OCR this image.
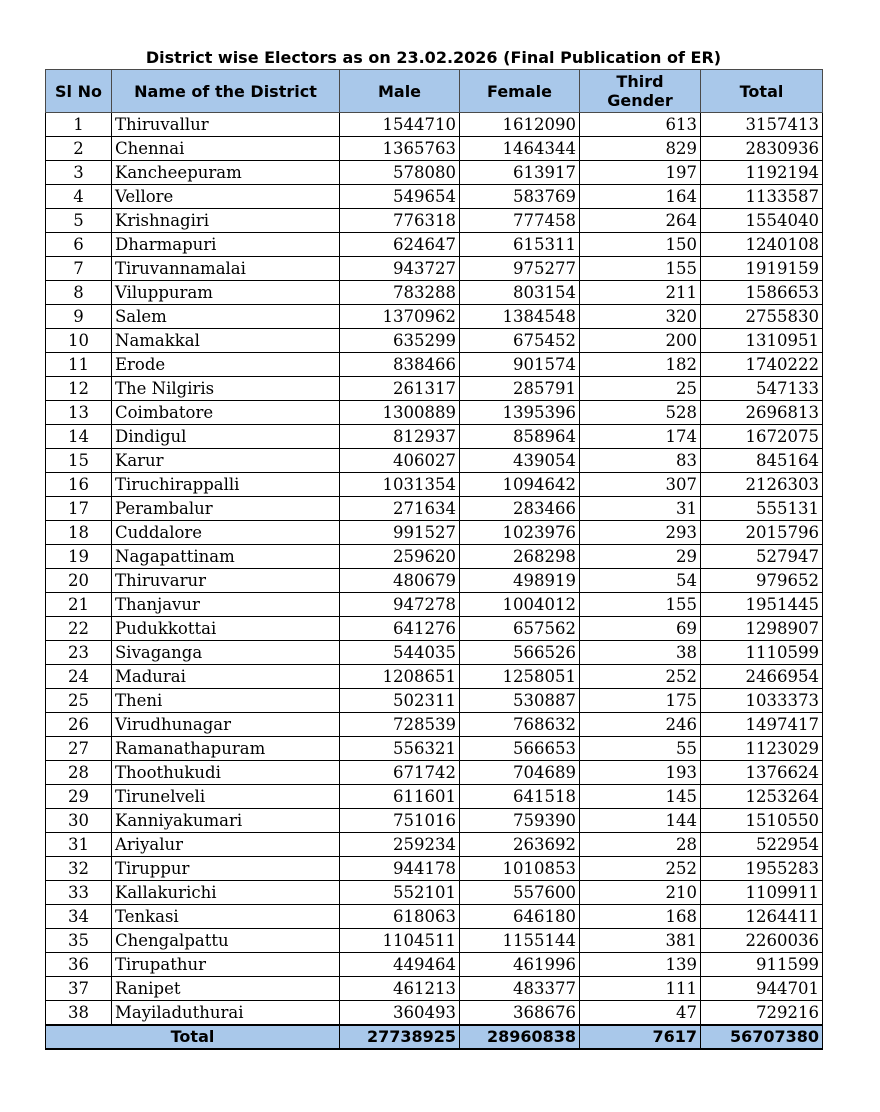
District wise Electors as on 23.02.2026 (Final Publication of ER)
Sl No	Name of the District	Male	Female	Third Gender	Total
1	Thiruvallur	1544710	1612090	613	3157413
2	Chennai	1365763	1464344	829	2830936
3	Kancheepuram	578080	613917	197	1192194
4	Vellore	549654	583769	164	1133587
5	Krishnagiri	776318	777458	264	1554040
6	Dharmapuri	624647	615311	150	1240108
7	Tiruvannamalai	943727	975277	155	1919159
8	Viluppuram	783288	803154	211	1586653
9	Salem	1370962	1384548	320	2755830
10	Namakkal	635299	675452	200	1310951
11	Erode	838466	901574	182	1740222
12	The Nilgiris	261317	285791	25	547133
13	Coimbatore	1300889	1395396	528	2696813
14	Dindigul	812937	858964	174	1672075
15	Karur	406027	439054	83	845164
16	Tiruchirappalli	1031354	1094642	307	2126303
17	Perambalur	271634	283466	31	555131
18	Cuddalore	991527	1023976	293	2015796
19	Nagapattinam	259620	268298	29	527947
20	Thiruvarur	480679	498919	54	979652
21	Thanjavur	947278	1004012	155	1951445
22	Pudukkottai	641276	657562	69	1298907
23	Sivaganga	544035	566526	38	1110599
24	Madurai	1208651	1258051	252	2466954
25	Theni	502311	530887	175	1033373
26	Virudhunagar	728539	768632	246	1497417
27	Ramanathapuram	556321	566653	55	1123029
28	Thoothukudi	671742	704689	193	1376624
29	Tirunelveli	611601	641518	145	1253264
30	Kanniyakumari	751016	759390	144	1510550
31	Ariyalur	259234	263692	28	522954
32	Tiruppur	944178	1010853	252	1955283
33	Kallakurichi	552101	557600	210	1109911
34	Tenkasi	618063	646180	168	1264411
35	Chengalpattu	1104511	1155144	381	2260036
36	Tirupathur	449464	461996	139	911599
37	Ranipet	461213	483377	111	944701
38	Mayiladuthurai	360493	368676	47	729216
Total		27738925	28960838	7617	56707380
